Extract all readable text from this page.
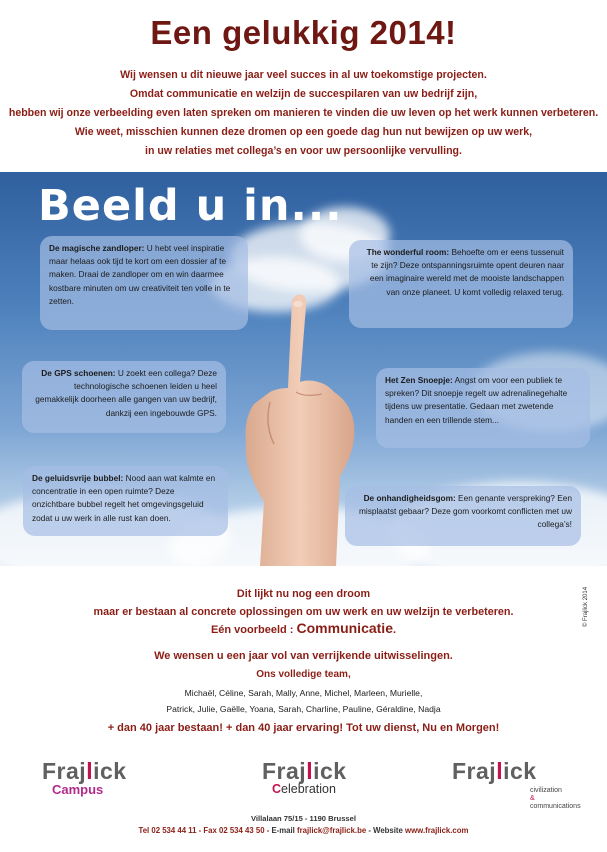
Een gelukkig 2014!
Wij wensen u dit nieuwe jaar veel succes in al uw toekomstige projecten.
Omdat communicatie en welzijn de succespilaren van uw bedrijf zijn,
hebben wij onze verbeelding even laten spreken om manieren te vinden die uw leven op het werk kunnen verbeteren.
Wie weet, misschien kunnen deze dromen op een goede dag hun nut bewijzen op uw werk,
in uw relaties met collega’s en voor uw persoonlijke vervulling.
Beeld u in...
De magische zandloper: U hebt veel inspiratie maar helaas ook tijd te kort om een dossier af te maken. Draai de zandloper om en win daarmee kostbare minuten om uw creativiteit ten volle in te zetten.
The wonderful room: Behoefte om er eens tussenuit te zijn? Deze ontspanningsruimte opent deuren naar een imaginaire wereld met de mooiste landschappen van onze planeet. U komt volledig relaxed terug.
De GPS schoenen: U zoekt een collega? Deze technologische schoenen leiden u heel gemakkelijk doorheen alle gangen van uw bedrijf, dankzij een ingebouwde GPS.
Het Zen Snoepje: Angst om voor een publiek te spreken? Dit snoepje regelt uw adrenalinegehalte tijdens uw presentatie. Gedaan met zwetende handen en een trillende stem...
De geluidsvrije bubbel: Nood aan wat kalmte en concentratie in een open ruimte? Deze onzichtbare bubbel regelt het omgevingsgeluid zodat u uw werk in alle rust kan doen.
De onhandigheidsgom: Een genante verspreking? Een misplaatst gebaar? Deze gom voorkomt conflicten met uw collega’s!
Dit lijkt nu nog een droom
maar er bestaan al concrete oplossingen om uw werk en uw welzijn te verbeteren.
Eén voorbeeld : Communicatie.
We wensen u een jaar vol van verrijkende uitwisselingen.
Ons volledige team,
Michaël, Céline, Sarah, Mally, Anne, Michel, Marleen, Murielle,
Patrick, Julie, Gaëlle, Yoana, Sarah, Charline, Pauline, Géraldine, Nadja
+ dan 40 jaar bestaan! + dan 40 jaar ervaring! Tot uw dienst, Nu en Morgen!
© Frajlick 2014
Frajlick
Campus
Frajlick
Celebration
Frajlick
civilization
& communications
Villalaan 75/15 - 1190 Brussel
Tel 02 534 44 11 - Fax 02 534 43 50 - E-mail frajlick@frajlick.be - Website www.frajlick.com
